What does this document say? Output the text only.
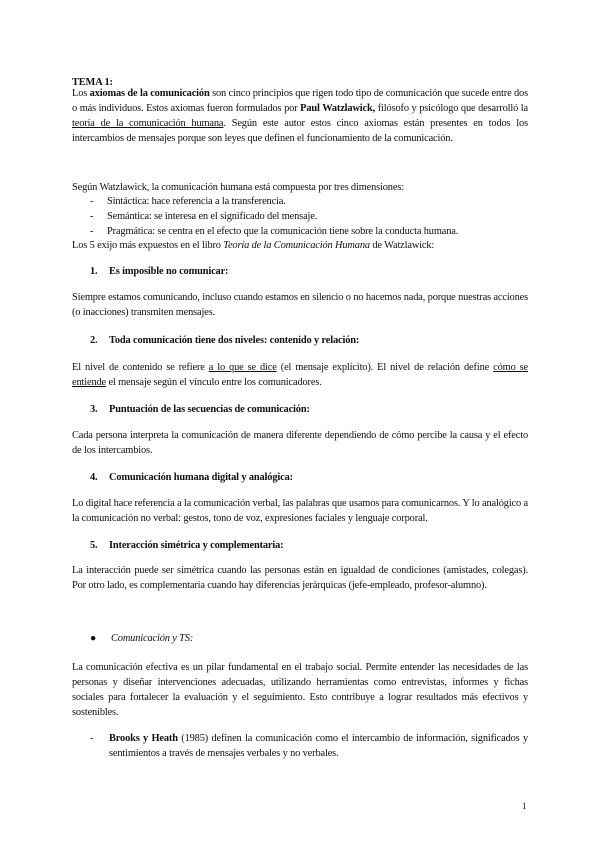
TEMA 1:

Los axiomas de la comunicación son cinco principios que rigen todo tipo de comunicación que sucede entre dos o más individuos. Estos axiomas fueron formulados por Paul Watzlawick, filósofo y psicólogo que desarrolló la teoría de la comunicación humana. Según este autor estos cinco axiomas están presentes en todos los intercambios de mensajes porque son leyes que definen el funcionamiento de la comunicación.

Según Watzlawick, la comunicación humana está compuesta por tres dimensiones:

- Sintáctica: hace referencia a la transferencia.
- Semántica: se interesa en el significado del mensaje.
- Pragmática: se centra en el efecto que la comunicación tiene sobre la conducta humana.

Los 5 exijo más expuestos en el libro Teoría de la Comunicación Humana de Watzlawick:

1. Es imposible no comunicar:

Siempre estamos comunicando, incluso cuando estamos en silencio o no hacemos nada, porque nuestras acciones (o inacciones) transmiten mensajes.

2. Toda comunicación tiene dos niveles: contenido y relación:

El nivel de contenido se refiere a lo que se dice (el mensaje explícito). El nivel de relación define cómo se entiende el mensaje según el vínculo entre los comunicadores.

3. Puntuación de las secuencias de comunicación:

Cada persona interpreta la comunicación de manera diferente dependiendo de cómo percibe la causa y el efecto de los intercambios.

4. Comunicación humana digital y analógica:

Lo digital hace referencia a la comunicación verbal, las palabras que usamos para comunicarnos. Y lo analógico a la comunicación no verbal: gestos, tono de voz, expresiones faciales y lenguaje corporal.

5. Interacción simétrica y complementaria:

La interacción puede ser simétrica cuando las personas están en igualdad de condiciones (amistades, colegas). Por otro lado, es complementaria cuando hay diferencias jerárquicas (jefe-empleado, profesor-alumno).

● Comunicación y TS:

La comunicación efectiva es un pilar fundamental en el trabajo social. Permite entender las necesidades de las personas y diseñar intervenciones adecuadas, utilizando herramientas como entrevistas, informes y fichas sociales para fortalecer la evaluación y el seguimiento. Esto contribuye a lograr resultados más efectivos y sostenibles.

- Brooks y Heath (1985) definen la comunicación como el intercambio de información, significados y sentimientos a través de mensajes verbales y no verbales.

1
